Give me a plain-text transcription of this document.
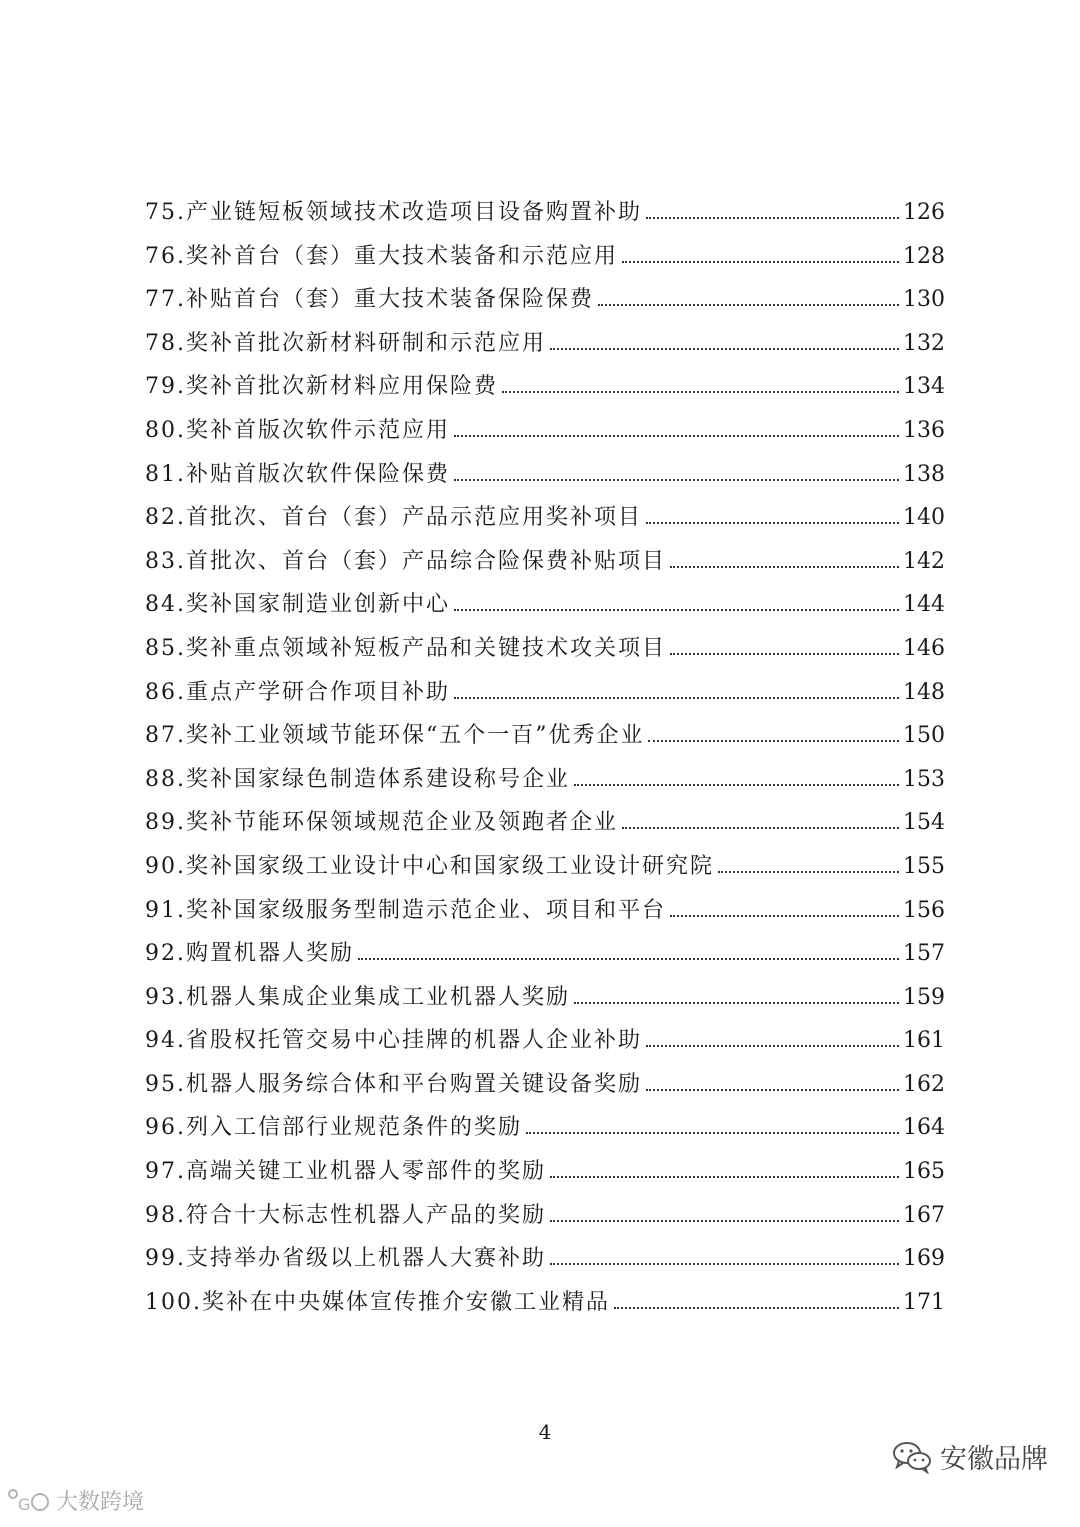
75.产业链短板领域技术改造项目设备购置补助	126
76.奖补首台（套）重大技术装备和示范应用	128
77.补贴首台（套）重大技术装备保险保费	130
78.奖补首批次新材料研制和示范应用	132
79.奖补首批次新材料应用保险费	134
80.奖补首版次软件示范应用	136
81.补贴首版次软件保险保费	138
82.首批次、首台（套）产品示范应用奖补项目	140
83.首批次、首台（套）产品综合险保费补贴项目	142
84.奖补国家制造业创新中心	144
85.奖补重点领域补短板产品和关键技术攻关项目	146
86.重点产学研合作项目补助	148
87.奖补工业领域节能环保“五个一百”优秀企业	150
88.奖补国家绿色制造体系建设称号企业	153
89.奖补节能环保领域规范企业及领跑者企业	154
90.奖补国家级工业设计中心和国家级工业设计研究院	155
91.奖补国家级服务型制造示范企业、项目和平台	156
92.购置机器人奖励	157
93.机器人集成企业集成工业机器人奖励	159
94.省股权托管交易中心挂牌的机器人企业补助	161
95.机器人服务综合体和平台购置关键设备奖励	162
96.列入工信部行业规范条件的奖励	164
97.高端关键工业机器人零部件的奖励	165
98.符合十大标志性机器人产品的奖励	167
99.支持举办省级以上机器人大赛补助	169
100.奖补在中央媒体宣传推介安徽工业精品	171
4
G 大数跨境
安徽品牌
